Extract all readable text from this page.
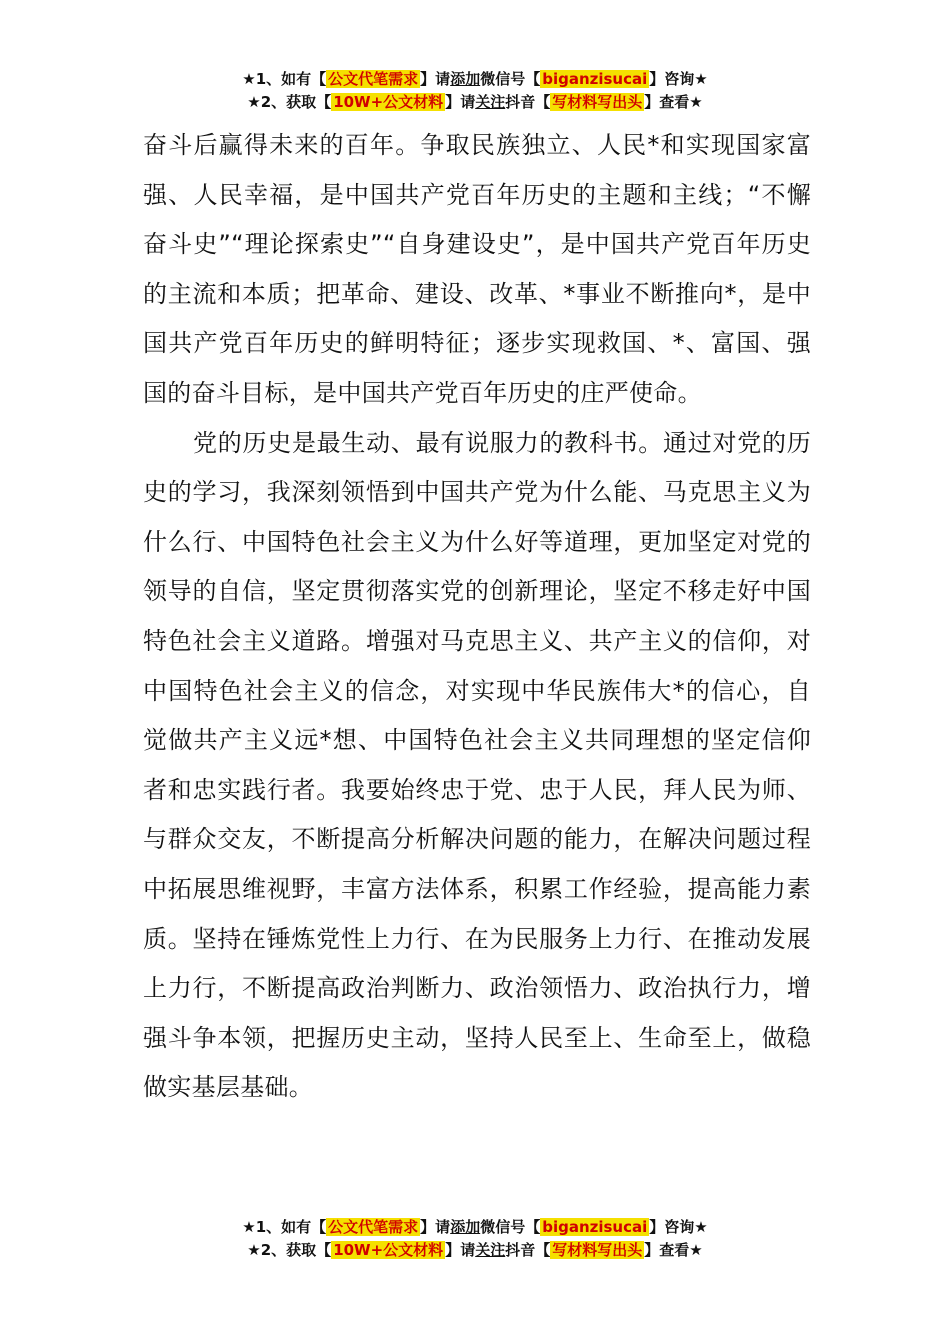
★1、如有【 公文代笔需求 】请添加微信号【 biganzisucai 】咨询★
★2、获取【 10W+公文材料 】请关注抖音【 写材料写出头 】查看★

奋斗后赢得未来的百年。争取民族独立、人民*和实现国家富强、人民幸福，是中国共产党百年历史的主题和主线；“不懈奋斗史”“理论探索史”“自身建设史”，是中国共产党百年历史的主流和本质；把革命、建设、改革、*事业不断推向*，是中国共产党百年历史的鲜明特征；逐步实现救国、*、富国、强国的奋斗目标，是中国共产党百年历史的庄严使命。

党的历史是最生动、最有说服力的教科书。通过对党的历史的学习，我深刻领悟到中国共产党为什么能、马克思主义为什么行、中国特色社会主义为什么好等道理，更加坚定对党的领导的自信，坚定贯彻落实党的创新理论，坚定不移走好中国特色社会主义道路。增强对马克思主义、共产主义的信仰，对中国特色社会主义的信念，对实现中华民族伟大*的信心，自觉做共产主义远*想、中国特色社会主义共同理想的坚定信仰者和忠实践行者。我要始终忠于党、忠于人民，拜人民为师、与群众交友，不断提高分析解决问题的能力，在解决问题过程中拓展思维视野，丰富方法体系，积累工作经验，提高能力素质。坚持在锤炼党性上力行、在为民服务上力行、在推动发展上力行，不断提高政治判断力、政治领悟力、政治执行力，增强斗争本领，把握历史主动，坚持人民至上、生命至上，做稳做实基层基础。

★1、如有【 公文代笔需求 】请添加微信号【 biganzisucai 】咨询★
★2、获取【 10W+公文材料 】请关注抖音【 写材料写出头 】查看★
